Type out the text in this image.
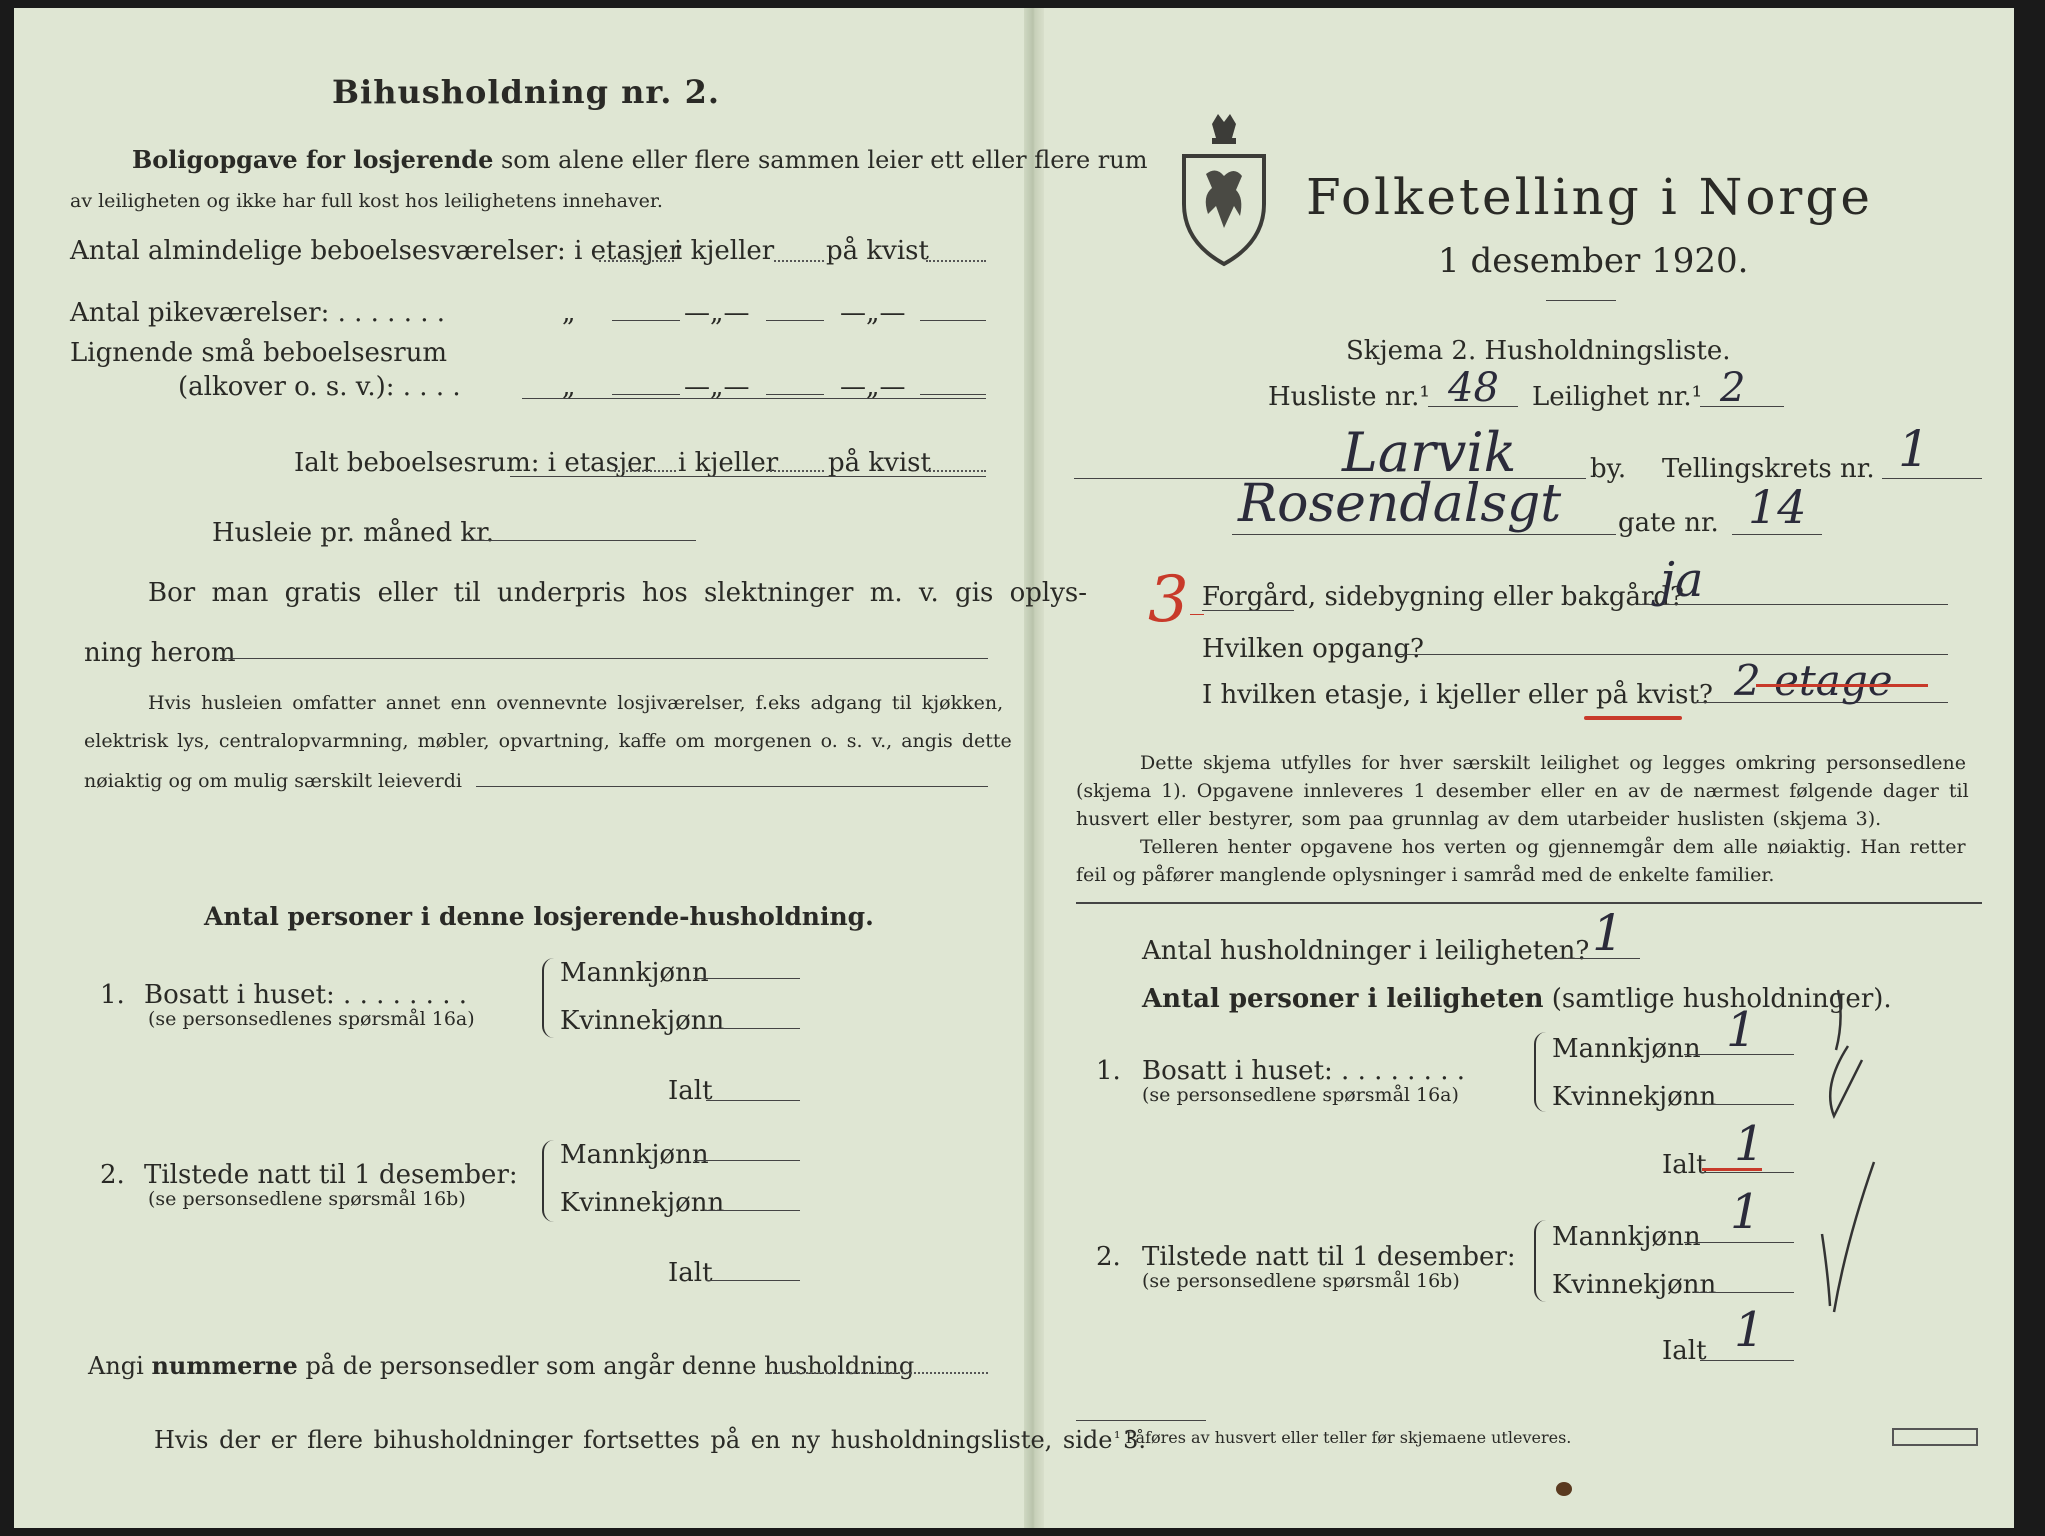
Bihusholdning nr. 2.
Boligopgave for losjerende som alene eller flere sammen leier ett eller flere rum
av leiligheten og ikke har full kost hos leilighetens innehaver.
Antal almindelige beboelsesværelser: i etasjer
i kjeller på kvist
Antal pikeværelser: . . . . . . .	„	—„—	—„—
Lignende små beboelsesrum
(alkover o. s. v.): . . . .	„	—„—	—„—
Ialt beboelsesrum: i etasjer i kjeller på kvist
Husleie pr. måned kr.
Bor man gratis eller til underpris hos slektninger m. v. gis oplys-
ning herom
Hvis husleien omfatter annet enn ovennevnte losjiværelser, f.eks adgang til kjøkken,
elektrisk lys, centralopvarmning, møbler, opvartning, kaffe om morgenen o. s. v., angis dette
nøiaktig og om mulig særskilt leieverdi
Antal personer i denne losjerende-husholdning.
1. Bosatt i huset: . . . . . . . .
(se personsedlenes spørsmål 16a)
Mannkjønn
Kvinnekjønn
Ialt
2. Tilstede natt til 1 desember:
(se personsedlene spørsmål 16b)
Mannkjønn
Kvinnekjønn
Ialt
Angi nummerne på de personsedler som angår denne husholdning
Hvis der er flere bihusholdninger fortsettes på en ny husholdningsliste, side 3.
Folketelling i Norge
1 desember 1920.
Skjema 2. Husholdningsliste.
Husliste nr.¹ 48 Leilighet nr.¹ 2
Larvik	by. Tellingskrets nr. 1
Rosendalsgt gate nr. 14
3 Forgård, sidebygning eller bakgård?
ja
Hvilken opgang?
I hvilken etasje, i kjeller eller på kvist? 2 etage
Dette skjema utfylles for hver særskilt leilighet og legges omkring personsedlene
(skjema 1). Opgavene innleveres 1 desember eller en av de nærmest følgende dager til
husvert eller bestyrer, som paa grunnlag av dem utarbeider huslisten (skjema 3).
Telleren henter opgavene hos verten og gjennemgår dem alle nøiaktig. Han retter
feil og påfører manglende oplysninger i samråd med de enkelte familier.
Antal husholdninger i leiligheten? 1
Antal personer i leiligheten (samtlige husholdninger).
1. Bosatt i huset: . . . . . . . .
(se personsedlene spørsmål 16a)
Mannkjønn 1
Kvinnekjønn
Ialt 1
2. Tilstede natt til 1 desember:
(se personsedlene spørsmål 16b)
Mannkjønn 1
Kvinnekjønn
Ialt 1
¹ Påføres av husvert eller teller før skjemaene utleveres.
